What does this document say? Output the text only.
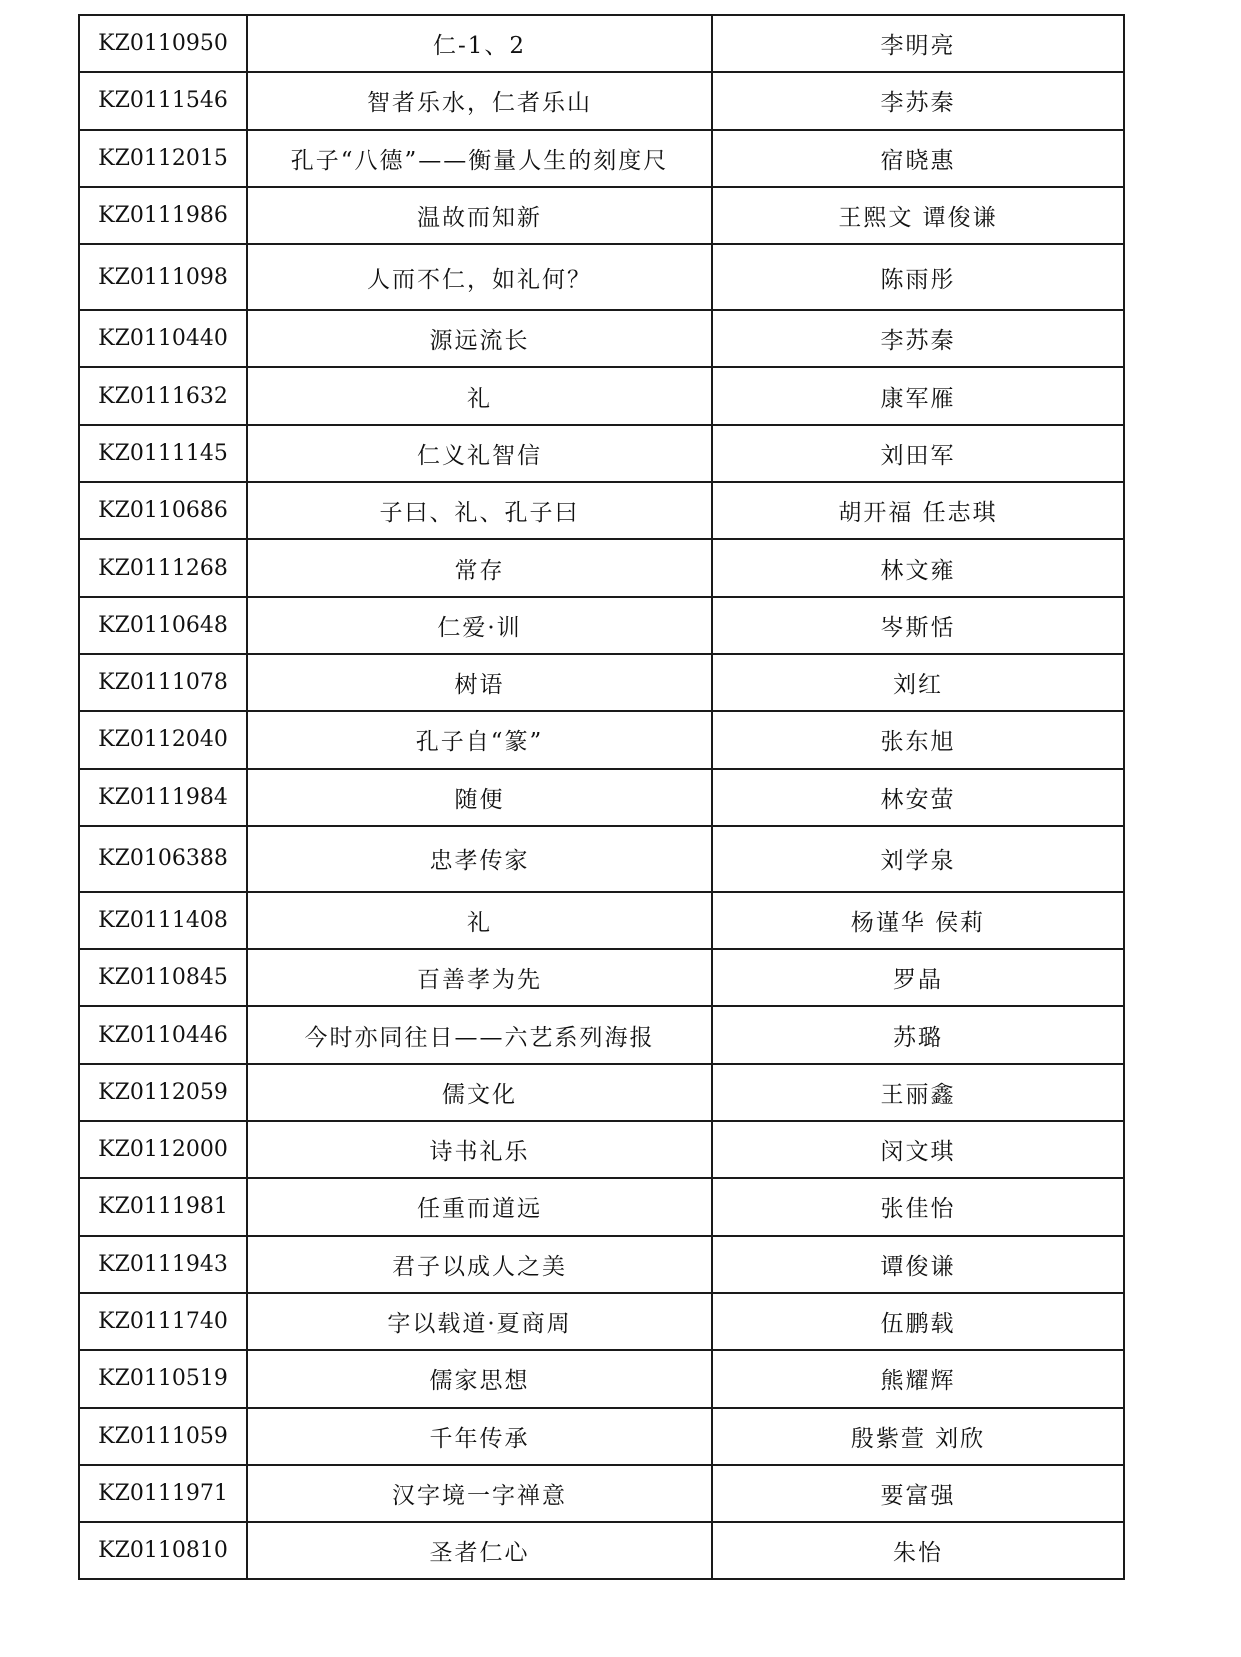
KZ0110950	仁-1、2	李明亮
KZ0111546	智者乐水，仁者乐山	李苏秦
KZ0112015	孔子“八德”——衡量人生的刻度尺	宿晓惠
KZ0111986	温故而知新	王熙文 谭俊谦
KZ0111098	人而不仁，如礼何？	陈雨彤
KZ0110440	源远流长	李苏秦
KZ0111632	礼	康军雁
KZ0111145	仁义礼智信	刘田军
KZ0110686	子曰、礼、孔子曰	胡开福 任志琪
KZ0111268	常存	林文雍
KZ0110648	仁爱·训	岑斯恬
KZ0111078	树语	刘红
KZ0112040	孔子自“篆”	张东旭
KZ0111984	随便	林安萤
KZ0106388	忠孝传家	刘学泉
KZ0111408	礼	杨谨华 侯莉
KZ0110845	百善孝为先	罗晶
KZ0110446	今时亦同往日——六艺系列海报	苏璐
KZ0112059	儒文化	王丽鑫
KZ0112000	诗书礼乐	闵文琪
KZ0111981	任重而道远	张佳怡
KZ0111943	君子以成人之美	谭俊谦
KZ0111740	字以载道·夏商周	伍鹏载
KZ0110519	儒家思想	熊耀辉
KZ0111059	千年传承	殷紫萱 刘欣
KZ0111971	汉字境一字禅意	要富强
KZ0110810	圣者仁心	朱怡
